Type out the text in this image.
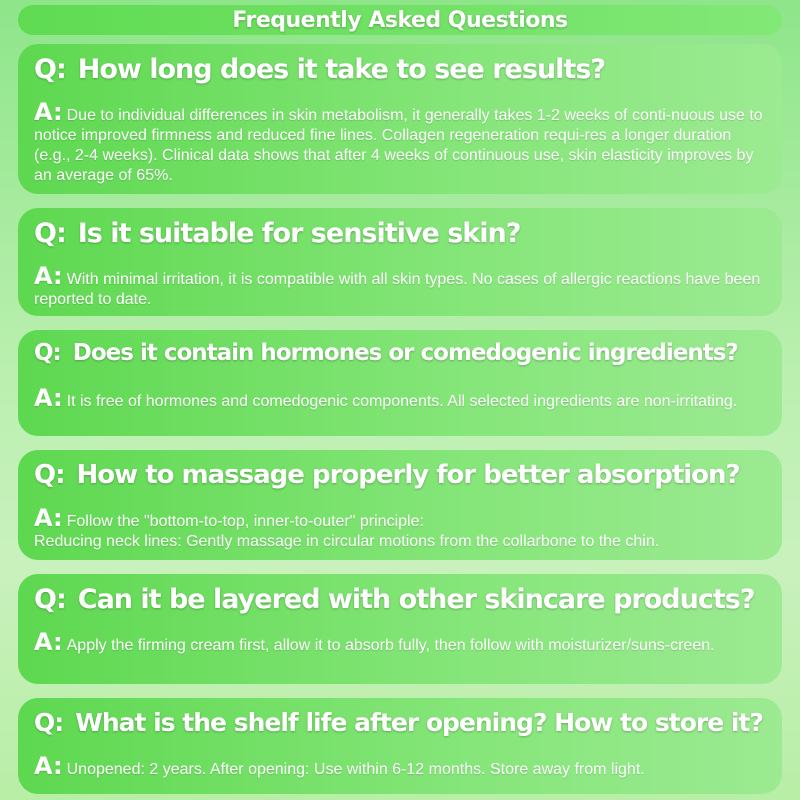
Frequently Asked Questions
Q: How long does it take to see results?
A: Due to individual differences in skin metabolism, it generally takes 1-2 weeks of conti-nuous use to notice improved firmness and reduced fine lines. Collagen regeneration requi-res a longer duration (e.g., 2-4 weeks). Clinical data shows that after 4 weeks of continuous use, skin elasticity improves by an average of 65%.
Q: Is it suitable for sensitive skin?
A: With minimal irritation, it is compatible with all skin types. No cases of allergic reactions have been reported to date.
Q: Does it contain hormones or comedogenic ingredients?
A: It is free of hormones and comedogenic components. All selected ingredients are non-irritating.
Q: How to massage properly for better absorption?
A: Follow the "bottom-to-top, inner-to-outer" principle:
Reducing neck lines: Gently massage in circular motions from the collarbone to the chin.
Q: Can it be layered with other skincare products?
A: Apply the firming cream first, allow it to absorb fully, then follow with moisturizer/suns-creen.
Q: What is the shelf life after opening? How to store it?
A: Unopened: 2 years. After opening: Use within 6-12 months. Store away from light.
